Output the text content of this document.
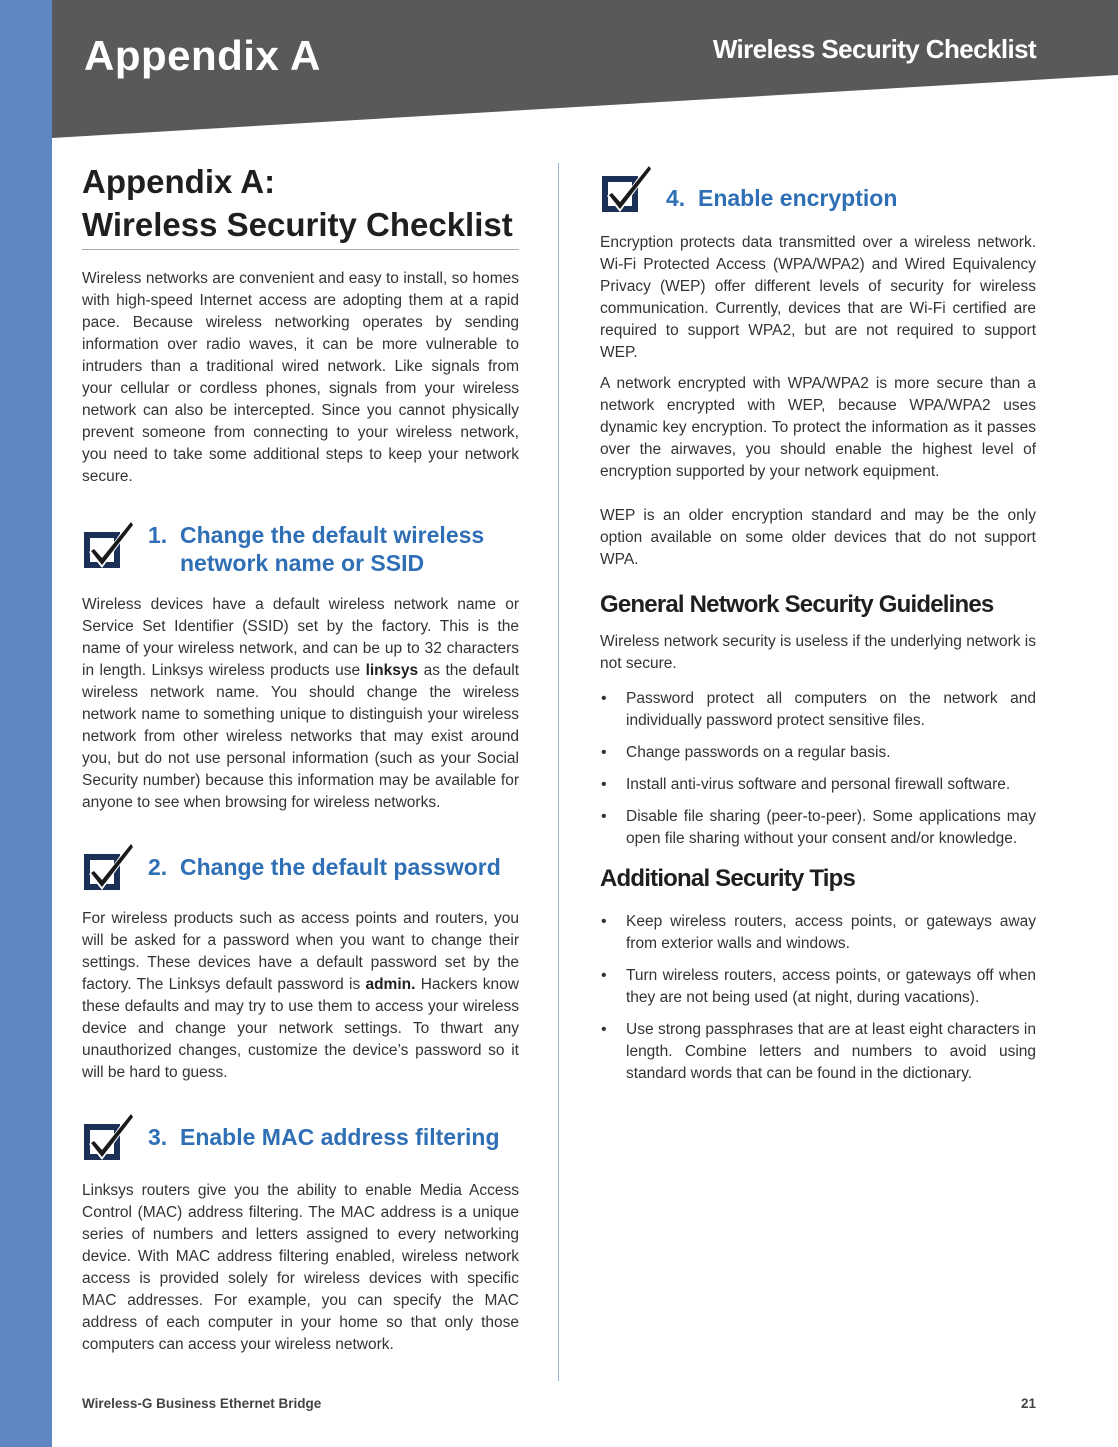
Appendix A	Wireless Security Checklist
Appendix A:
Wireless Security Checklist

Wireless networks are convenient and easy to install, so homes with high-speed Internet access are adopting them at a rapid pace. Because wireless networking operates by sending information over radio waves, it can be more vulnerable to intruders than a traditional wired network. Like signals from your cellular or cordless phones, signals from your wireless network can also be intercepted. Since you cannot physically prevent someone from connecting to your wireless network, you need to take some additional steps to keep your network secure.

1. Change the default wireless
network name or SSID

Wireless devices have a default wireless network name or Service Set Identifier (SSID) set by the factory. This is the name of your wireless network, and can be up to 32 characters in length. Linksys wireless products use linksys as the default wireless network name. You should change the wireless network name to something unique to distinguish your wireless network from other wireless networks that may exist around you, but do not use personal information (such as your Social Security number) because this information may be available for anyone to see when browsing for wireless networks.

2. Change the default password

For wireless products such as access points and routers, you will be asked for a password when you want to change their settings. These devices have a default password set by the factory. The Linksys default password is admin. Hackers know these defaults and may try to use them to access your wireless device and change your network settings. To thwart any unauthorized changes, customize the device’s password so it will be hard to guess.

3. Enable MAC address filtering

Linksys routers give you the ability to enable Media Access Control (MAC) address filtering. The MAC address is a unique series of numbers and letters assigned to every networking device. With MAC address filtering enabled, wireless network access is provided solely for wireless devices with specific MAC addresses. For example, you can specify the MAC address of each computer in your home so that only those computers can access your wireless network.

4. Enable encryption

Encryption protects data transmitted over a wireless network. Wi-Fi Protected Access (WPA/WPA2) and Wired Equivalency Privacy (WEP) offer different levels of security for wireless communication. Currently, devices that are Wi-Fi certified are required to support WPA2, but are not required to support WEP.

A network encrypted with WPA/WPA2 is more secure than a network encrypted with WEP, because WPA/WPA2 uses dynamic key encryption. To protect the information as it passes over the airwaves, you should enable the highest level of encryption supported by your network equipment.

WEP is an older encryption standard and may be the only option available on some older devices that do not support WPA.

General Network Security Guidelines

Wireless network security is useless if the underlying network is not secure.

• Password protect all computers on the network and individually password protect sensitive files.
• Change passwords on a regular basis.
• Install anti-virus software and personal firewall software.
• Disable file sharing (peer-to-peer). Some applications may open file sharing without your consent and/or knowledge.
Additional Security Tips
• Keep wireless routers, access points, or gateways away from exterior walls and windows.
• Turn wireless routers, access points, or gateways off when they are not being used (at night, during vacations).
• Use strong passphrases that are at least eight characters in length. Combine letters and numbers to avoid using standard words that can be found in the dictionary.
Wireless-G Business Ethernet Bridge	21
